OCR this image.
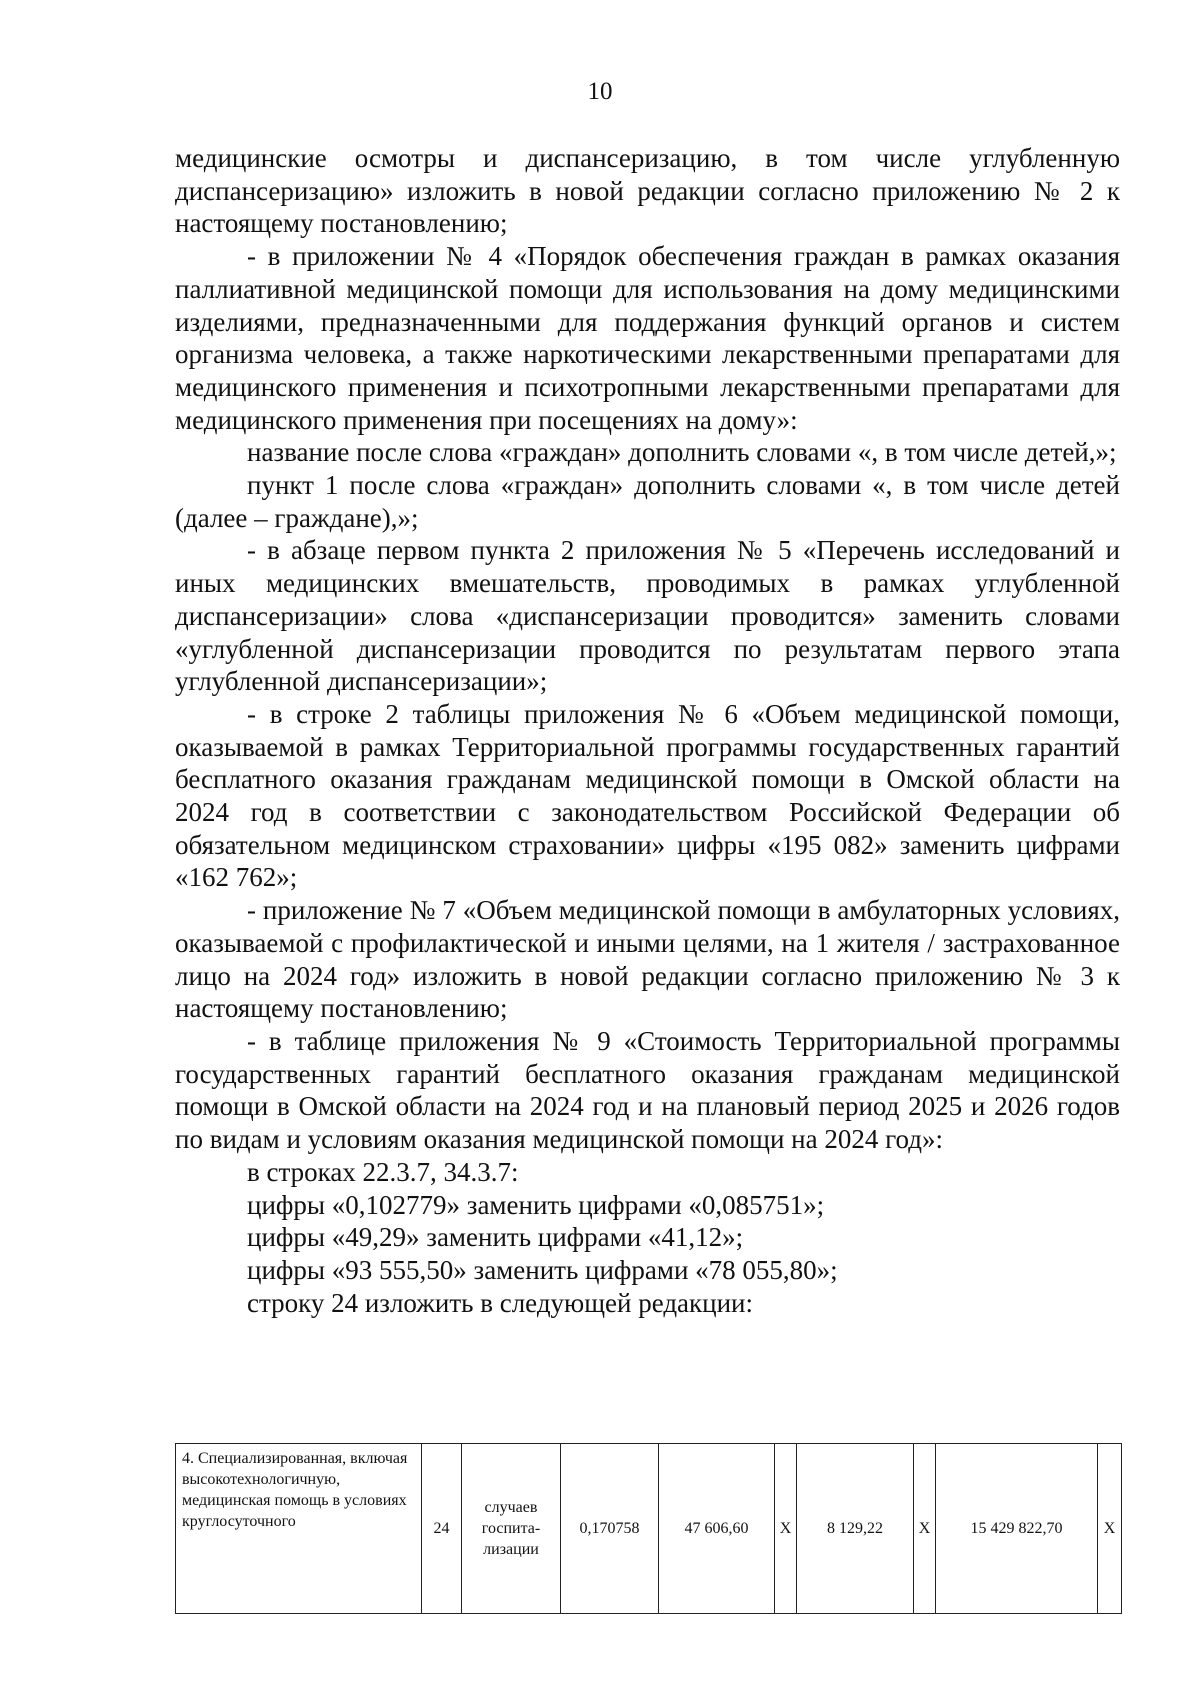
10

медицинские осмотры и диспансеризацию, в том числе углубленную диспансеризацию» изложить в новой редакции согласно приложению № 2 к настоящему постановлению;

- в приложении № 4 «Порядок обеспечения граждан в рамках оказания паллиативной медицинской помощи для использования на дому медицинскими изделиями, предназначенными для поддержания функций органов и систем организма человека, а также наркотическими лекарственными препаратами для медицинского применения и психотропными лекарственными препаратами для медицинского применения при посещениях на дому»:

название после слова «граждан» дополнить словами «, в том числе детей,»;

пункт 1 после слова «граждан» дополнить словами «, в том числе детей (далее – граждане),»;

- в абзаце первом пункта 2 приложения № 5 «Перечень исследований и иных медицинских вмешательств, проводимых в рамках углубленной диспансеризации» слова «диспансеризации проводится» заменить словами «углубленной диспансеризации проводится по результатам первого этапа углубленной диспансеризации»;

- в строке 2 таблицы приложения № 6 «Объем медицинской помощи, оказываемой в рамках Территориальной программы государственных гарантий бесплатного оказания гражданам медицинской помощи в Омской области на 2024 год в соответствии с законодательством Российской Федерации об обязательном медицинском страховании» цифры «195 082» заменить цифрами «162 762»;

- приложение № 7 «Объем медицинской помощи в амбулаторных условиях, оказываемой с профилактической и иными целями, на 1 жителя / застрахованное лицо на 2024 год» изложить в новой редакции согласно приложению № 3 к настоящему постановлению;

- в таблице приложения № 9 «Стоимость Территориальной программы государственных гарантий бесплатного оказания гражданам медицинской помощи в Омской области на 2024 год и на плановый период 2025 и 2026 годов по видам и условиям оказания медицинской помощи на 2024 год»:

в строках 22.3.7, 34.3.7:

цифры «0,102779» заменить цифрами «0,085751»;

цифры «49,29» заменить цифрами «41,12»;

цифры «93 555,50» заменить цифрами «78 055,80»;

строку 24 изложить в следующей редакции:

4. Специализированная, включая высокотехнологичную, медицинская помощь в условиях круглосуточного	24	случаев госпита-лизации	0,170758	47 606,60	X	8 129,22	X	15 429 822,70	X
